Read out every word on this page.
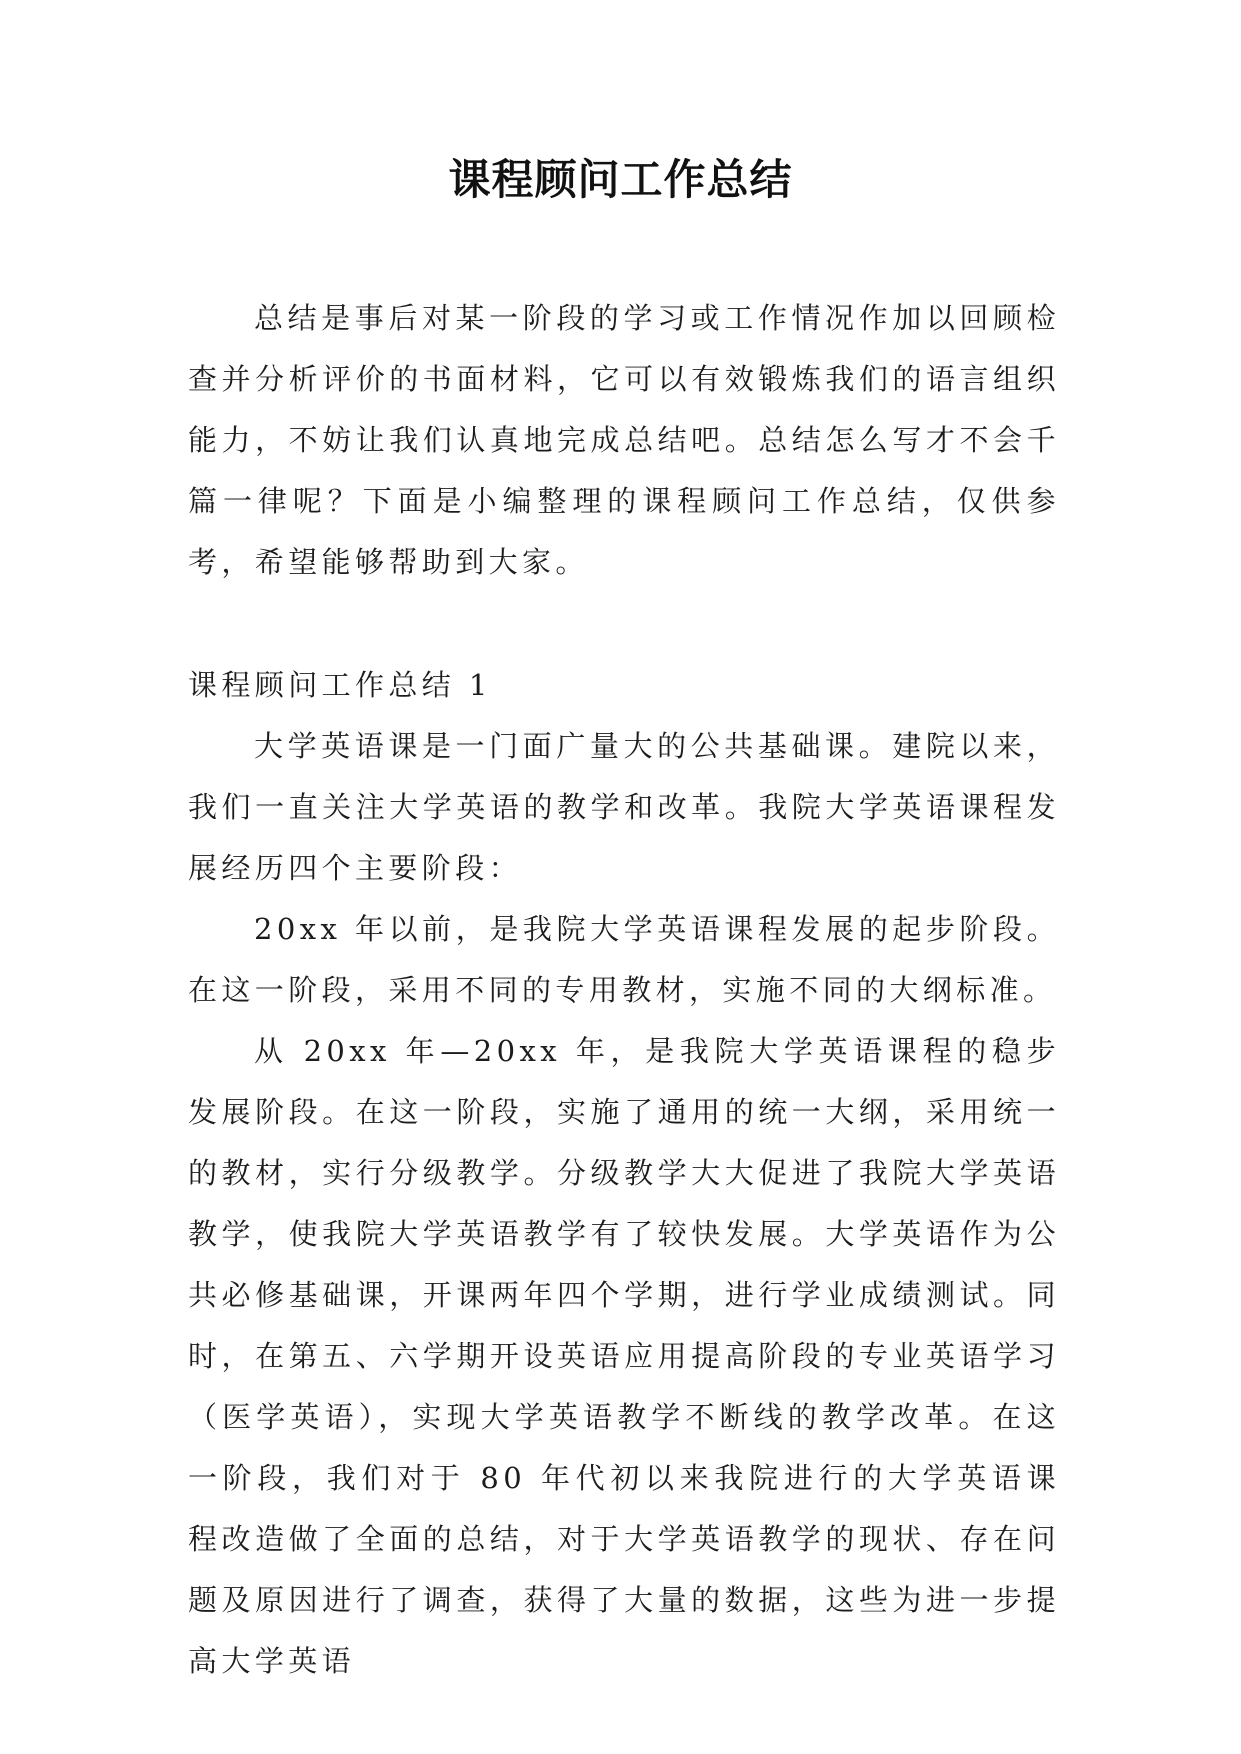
课程顾问工作总结

总结是事后对某一阶段的学习或工作情况作加以回顾检查并分析评价的书面材料，它可以有效锻炼我们的语言组织能力，不妨让我们认真地完成总结吧。总结怎么写才不会千篇一律呢？下面是小编整理的课程顾问工作总结，仅供参考，希望能够帮助到大家。

课程顾问工作总结 1

大学英语课是一门面广量大的公共基础课。建院以来，我们一直关注大学英语的教学和改革。我院大学英语课程发展经历四个主要阶段：

20xx 年以前，是我院大学英语课程发展的起步阶段。在这一阶段，采用不同的专用教材，实施不同的大纲标准。

从 20xx 年—20xx 年，是我院大学英语课程的稳步发展阶段。在这一阶段，实施了通用的统一大纲，采用统一的教材，实行分级教学。分级教学大大促进了我院大学英语教学，使我院大学英语教学有了较快发展。大学英语作为公共必修基础课，开课两年四个学期，进行学业成绩测试。同时，在第五、六学期开设英语应用提高阶段的专业英语学习（医学英语），实现大学英语教学不断线的教学改革。在这一阶段，我们对于 80 年代初以来我院进行的大学英语课程改造做了全面的总结，对于大学英语教学的现状、存在问题及原因进行了调查，获得了大量的数据，这些为进一步提高大学英语
